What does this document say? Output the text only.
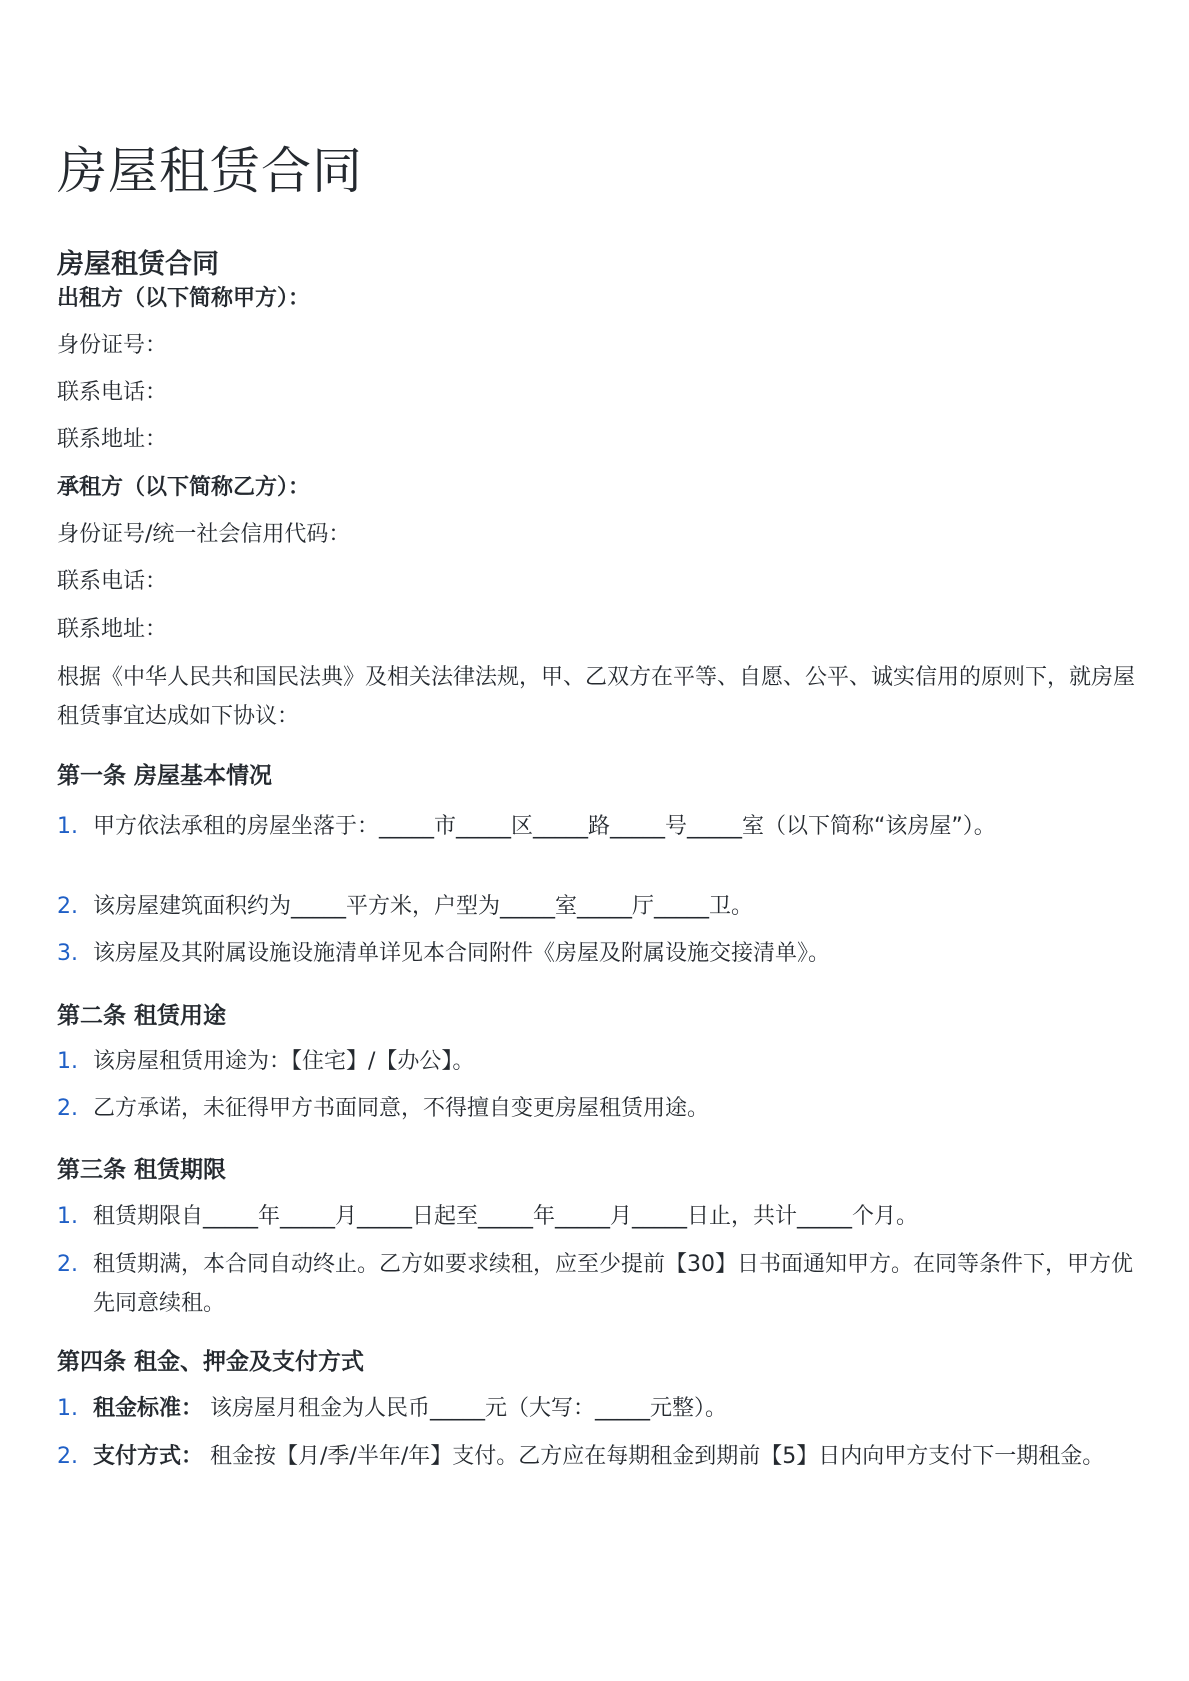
房屋租赁合同
房屋租赁合同
出租方（以下简称甲方）：
身份证号：
联系电话：
联系地址：
承租方（以下简称乙方）：
身份证号/统一社会信用代码：
联系电话：
联系地址：
根据《中华人民共和国民法典》及相关法律法规，甲、乙双方在平等、自愿、公平、诚实信用的原则下，就房屋租赁事宜达成如下协议：
第一条 房屋基本情况
1. 甲方依法承租的房屋坐落于：_____市_____区_____路_____号_____室（以下简称“该房屋”）。
2. 该房屋建筑面积约为_____平方米，户型为_____室_____厅_____卫。
3. 该房屋及其附属设施设施清单详见本合同附件《房屋及附属设施交接清单》。
第二条 租赁用途
1. 该房屋租赁用途为：【住宅】/【办公】。
2. 乙方承诺，未征得甲方书面同意，不得擅自变更房屋租赁用途。
第三条 租赁期限
1. 租赁期限自_____年_____月_____日起至_____年_____月_____日止，共计_____个月。
2. 租赁期满，本合同自动终止。乙方如要求续租，应至少提前【30】日书面通知甲方。在同等条件下，甲方优先同意续租。
第四条 租金、押金及支付方式
1. 租金标准： 该房屋月租金为人民币_____元（大写：_____元整）。
2. 支付方式： 租金按【月/季/半年/年】支付。乙方应在每期租金到期前【5】日内向甲方支付下一期租金。
